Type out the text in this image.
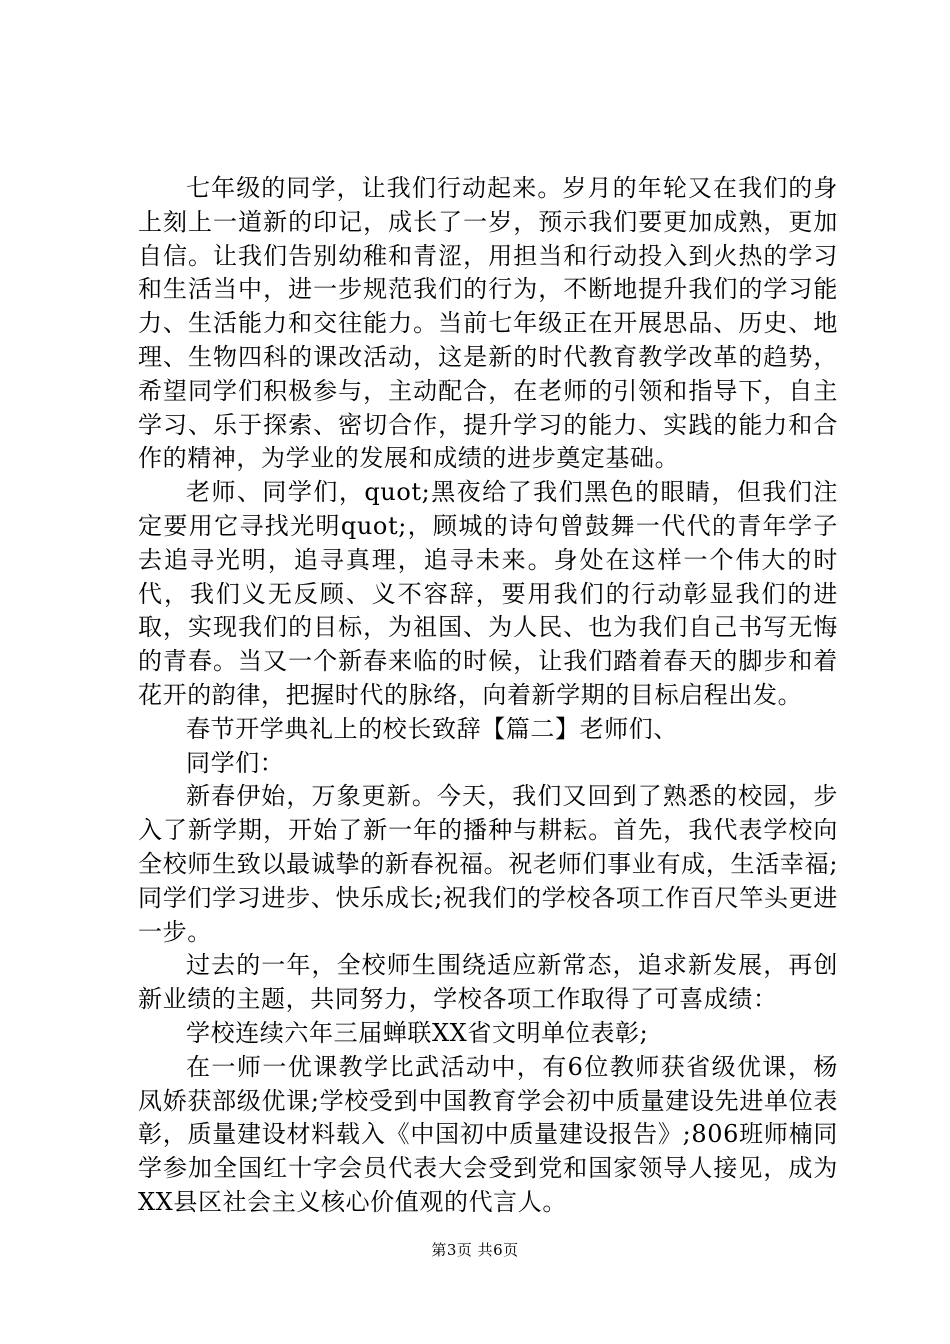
七年级的同学，让我们行动起来。岁月的年轮又在我们的身上刻上一道新的印记，成长了一岁，预示我们要更加成熟，更加自信。让我们告别幼稚和青涩，用担当和行动投入到火热的学习和生活当中，进一步规范我们的行为，不断地提升我们的学习能力、生活能力和交往能力。当前七年级正在开展思品、历史、地理、生物四科的课改活动，这是新的时代教育教学改革的趋势，希望同学们积极参与，主动配合，在老师的引领和指导下，自主学习、乐于探索、密切合作，提升学习的能力、实践的能力和合作的精神，为学业的发展和成绩的进步奠定基础。

老师、同学们，quot;黑夜给了我们黑色的眼睛，但我们注定要用它寻找光明quot;，顾城的诗句曾鼓舞一代代的青年学子去追寻光明，追寻真理，追寻未来。身处在这样一个伟大的时代，我们义无反顾、义不容辞，要用我们的行动彰显我们的进取，实现我们的目标，为祖国、为人民、也为我们自己书写无悔的青春。当又一个新春来临的时候，让我们踏着春天的脚步和着花开的韵律，把握时代的脉络，向着新学期的目标启程出发。

春节开学典礼上的校长致辞【篇二】老师们、

同学们：

新春伊始，万象更新。今天，我们又回到了熟悉的校园，步入了新学期，开始了新一年的播种与耕耘。首先，我代表学校向全校师生致以最诚挚的新春祝福。祝老师们事业有成，生活幸福;同学们学习进步、快乐成长;祝我们的学校各项工作百尺竿头更进一步。

过去的一年，全校师生围绕适应新常态，追求新发展，再创新业绩的主题，共同努力，学校各项工作取得了可喜成绩：

学校连续六年三届蝉联XX省文明单位表彰;

在一师一优课教学比武活动中，有6位教师获省级优课，杨凤娇获部级优课;学校受到中国教育学会初中质量建设先进单位表彰，质量建设材料载入《中国初中质量建设报告》;806班师楠同学参加全国红十字会员代表大会受到党和国家领导人接见，成为XX县区社会主义核心价值观的代言人。

第3页 共6页
